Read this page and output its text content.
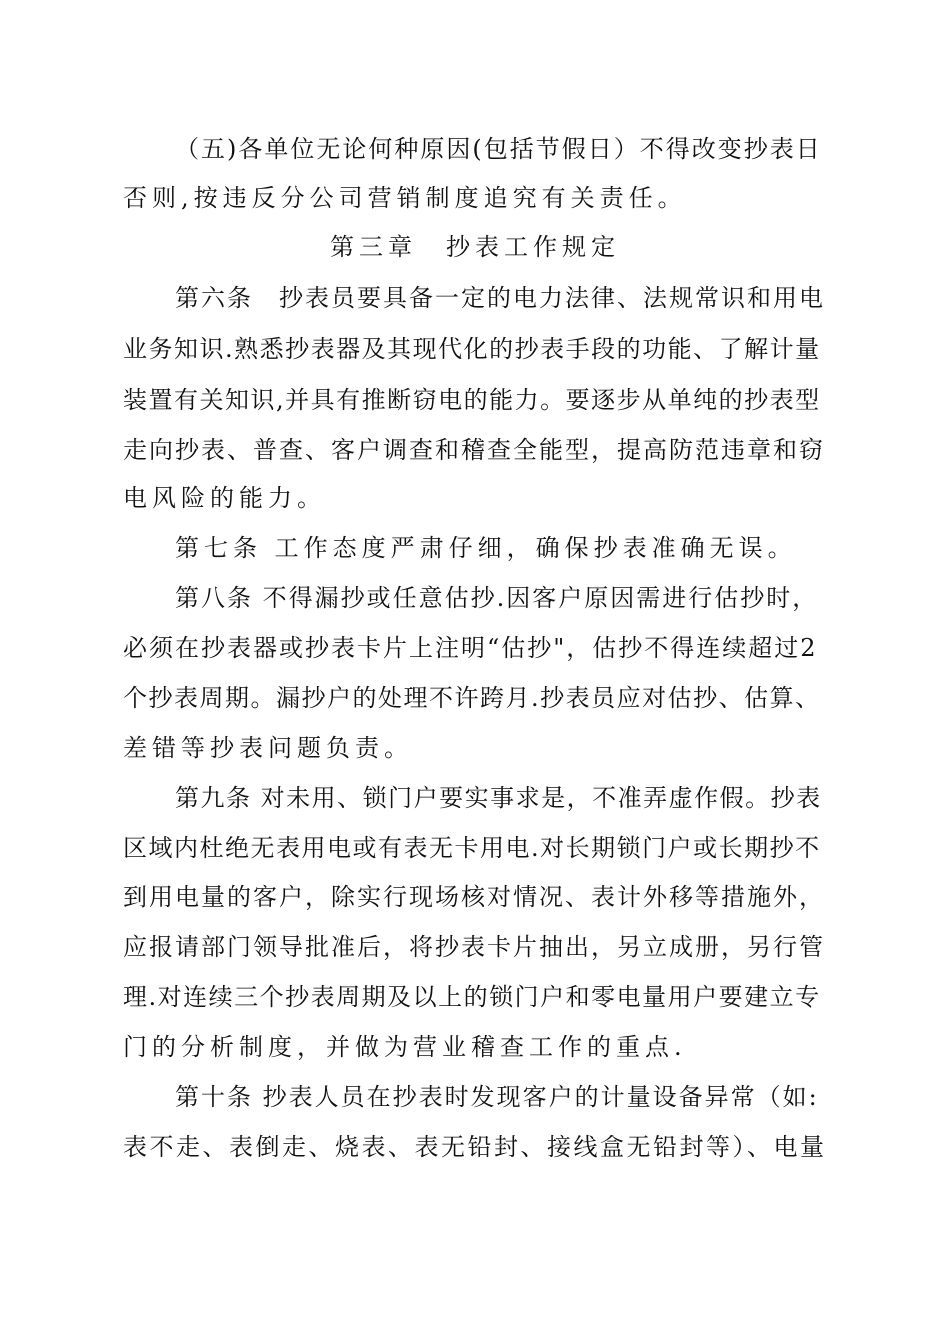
（五)各单位无论何种原因(包括节假日）不得改变抄表日
否则,按违反分公司营销制度追究有关责任。
第三章　抄表工作规定
第六条　抄表员要具备一定的电力法律、法规常识和用电
业务知识.熟悉抄表器及其现代化的抄表手段的功能、了解计量
装置有关知识,并具有推断窃电的能力。要逐步从单纯的抄表型
走向抄表、普查、客户调查和稽查全能型，提高防范违章和窃
电风险的能力。
第七条 工作态度严肃仔细，确保抄表准确无误。
第八条 不得漏抄或任意估抄.因客户原因需进行估抄时，
必须在抄表器或抄表卡片上注明“估抄"，估抄不得连续超过2
个抄表周期。漏抄户的处理不许跨月.抄表员应对估抄、估算、
差错等抄表问题负责。
第九条 对未用、锁门户要实事求是，不准弄虚作假。抄表
区域内杜绝无表用电或有表无卡用电.对长期锁门户或长期抄不
到用电量的客户，除实行现场核对情况、表计外移等措施外，
应报请部门领导批准后，将抄表卡片抽出，另立成册，另行管
理.对连续三个抄表周期及以上的锁门户和零电量用户要建立专
门的分析制度，并做为营业稽查工作的重点.
第十条 抄表人员在抄表时发现客户的计量设备异常（如:
表不走、表倒走、烧表、表无铅封、接线盒无铅封等）、电量
